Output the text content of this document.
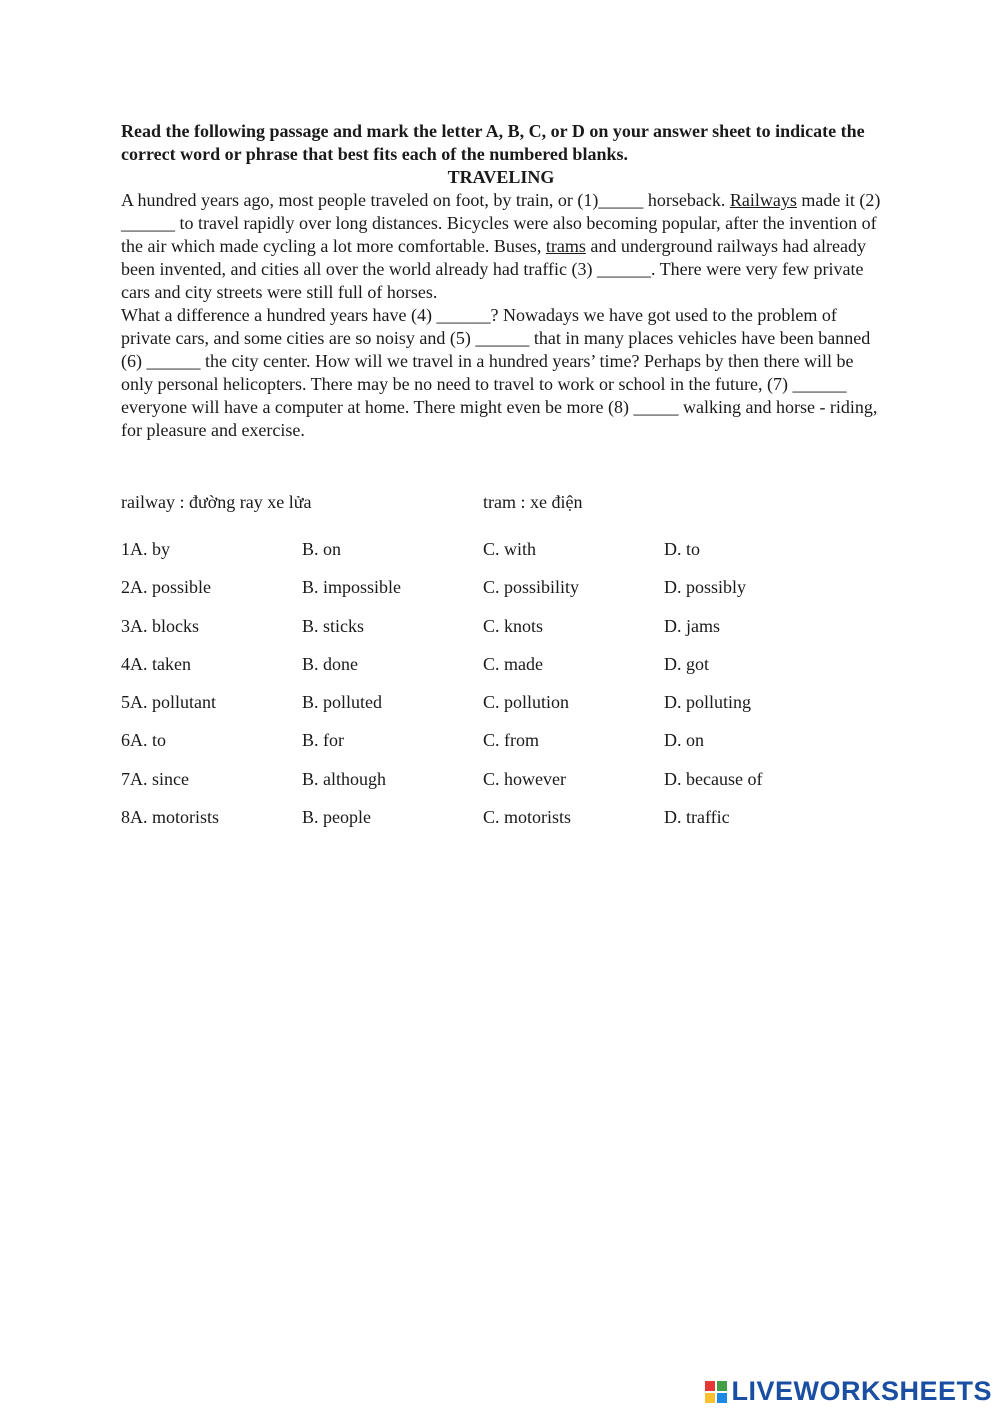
Read the following passage and mark the letter A, B, C, or D on your answer sheet to indicate the correct word or phrase that best fits each of the numbered blanks.

TRAVELING

A hundred years ago, most people traveled on foot, by train, or (1)_____ horseback. Railways made it (2) ______ to travel rapidly over long distances. Bicycles were also becoming popular, after the invention of the air which made cycling a lot more comfortable. Buses, trams and underground railways had already been invented, and cities all over the world already had traffic (3) ______. There were very few private cars and city streets were still full of horses.

What a difference a hundred years have (4) ______? Nowadays we have got used to the problem of private cars, and some cities are so noisy and (5) ______ that in many places vehicles have been banned (6) ______ the city center. How will we travel in a hundred years’ time? Perhaps by then there will be only personal helicopters. There may be no need to travel to work or school in the future, (7) ______ everyone will have a computer at home. There might even be more (8) _____ walking and horse - riding, for pleasure and exercise.

railway : đường ray xe lửa	tram : xe điện
1A. by	B. on	C. with	D. to
2A. possible	B. impossible	C. possibility	D. possibly
3A. blocks	B. sticks	C. knots	D. jams
4A. taken	B. done	C. made	D. got
5A. pollutant	B. polluted	C. pollution	D. polluting
6A. to	B. for	C. from	D. on
7A. since	B. although	C. however	D. because of
8A. motorists	B. people	C. motorists	D. traffic
LIVEWORKSHEETS
